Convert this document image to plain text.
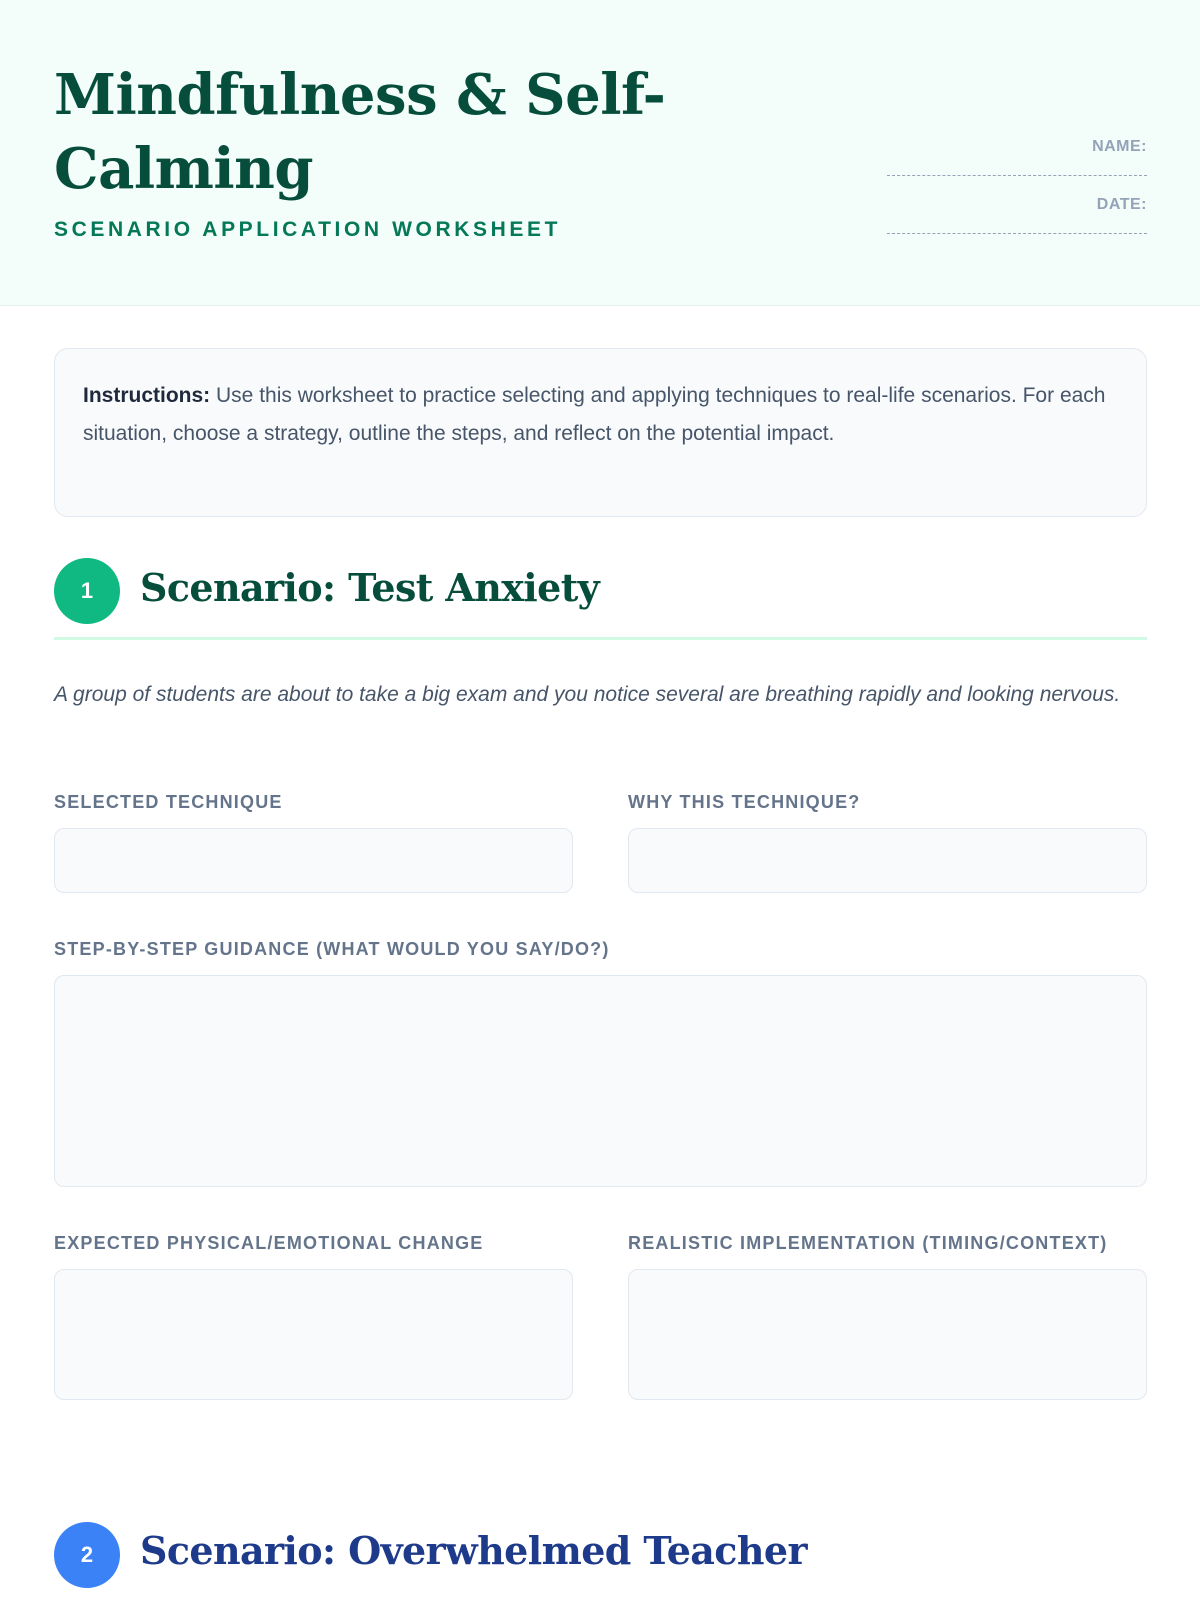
Mindfulness & Self-Calming
SCENARIO APPLICATION WORKSHEET
NAME:
DATE:
Instructions: Use this worksheet to practice selecting and applying techniques to real-life scenarios. For each situation, choose a strategy, outline the steps, and reflect on the potential impact.
1	Scenario: Test Anxiety

A group of students are about to take a big exam and you notice several are breathing rapidly and looking nervous.

SELECTED TECHNIQUE	WHY THIS TECHNIQUE?
STEP-BY-STEP GUIDANCE (WHAT WOULD YOU SAY/DO?)
EXPECTED PHYSICAL/EMOTIONAL CHANGE	REALISTIC IMPLEMENTATION (TIMING/CONTEXT)
2	Scenario: Overwhelmed Teacher
